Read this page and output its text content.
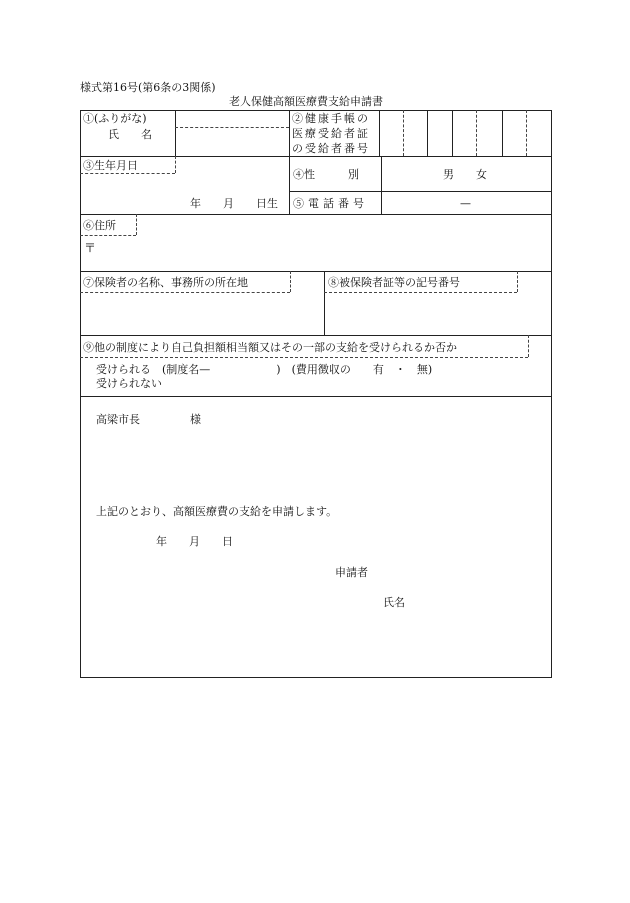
様式第16号(第6条の3関係)
老人保健高額医療費支給申請書
①(ふりがな)
氏　　名
②健康手帳の
医療受給者証
の受給者番号
③生年月日
年　　月　　日生
④性　　　別	男　　女
⑤電話番号	—
⑥住所
〒
⑦保険者の名称、事務所の所在地	⑧被保険者証等の記号番号
⑨他の制度により自己負担額相当額又はその一部の支給を受けられるか否か
受けられる　(制度名—　　　　　　)　(費用徴収の　　有　・　無)
受けられない
高梁市長	様
上記のとおり、高額医療費の支給を申請します。
年　　月　　日
申請者
氏名
